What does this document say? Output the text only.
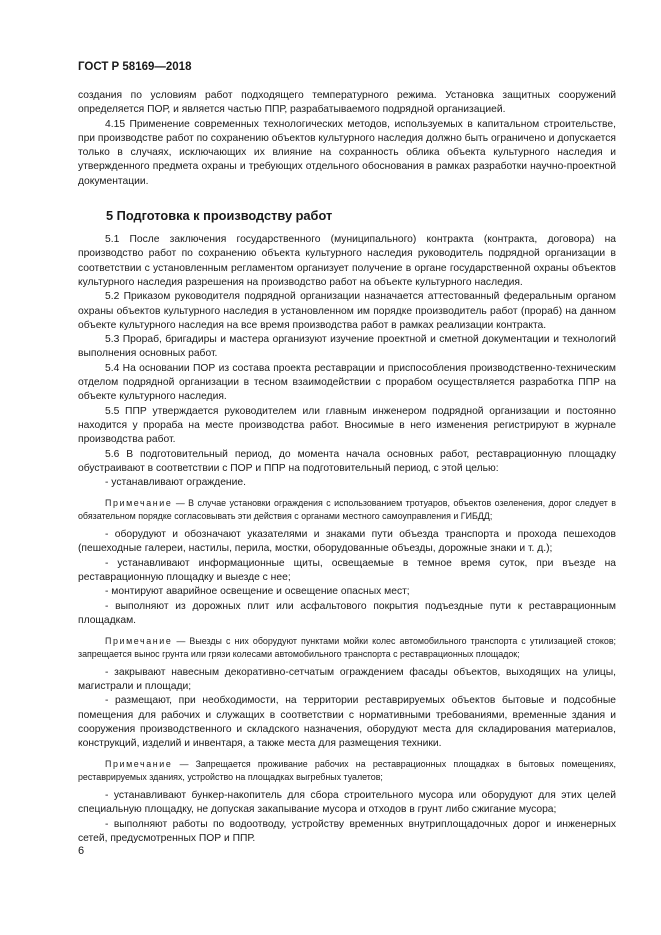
ГОСТ Р 58169—2018

создания по условиям работ подходящего температурного режима. Установка защитных сооружений определяется ПОР, и является частью ППР, разрабатываемого подрядной организацией.

4.15 Применение современных технологических методов, используемых в капитальном строительстве, при производстве работ по сохранению объектов культурного наследия должно быть ограничено и допускается только в случаях, исключающих их влияние на сохранность облика объекта культурного наследия и утвержденного предмета охраны и требующих отдельного обоснования в рамках разработки научно-проектной документации.

5 Подготовка к производству работ

5.1 После заключения государственного (муниципального) контракта (контракта, договора) на производство работ по сохранению объекта культурного наследия руководитель подрядной организации в соответствии с установленным регламентом организует получение в органе государственной охраны объектов культурного наследия разрешения на производство работ на объекте культурного наследия.

5.2 Приказом руководителя подрядной организации назначается аттестованный федеральным органом охраны объектов культурного наследия в установленном им порядке производитель работ (прораб) на данном объекте культурного наследия на все время производства работ в рамках реализации контракта.

5.3 Прораб, бригадиры и мастера организуют изучение проектной и сметной документации и технологий выполнения основных работ.

5.4 На основании ПОР из состава проекта реставрации и приспособления производственно-техническим отделом подрядной организации в тесном взаимодействии с прорабом осуществляется разработка ППР на объекте культурного наследия.

5.5 ППР утверждается руководителем или главным инженером подрядной организации и постоянно находится у прораба на месте производства работ. Вносимые в него изменения регистрируют в журнале производства работ.

5.6 В подготовительный период, до момента начала основных работ, реставрационную площадку обустраивают в соответствии с ПОР и ППР на подготовительный период, с этой целью:

- устанавливают ограждение.

Примечание — В случае установки ограждения с использованием тротуаров, объектов озеленения, дорог следует в обязательном порядке согласовывать эти действия с органами местного самоуправления и ГИБДД;

- оборудуют и обозначают указателями и знаками пути объезда транспорта и прохода пешеходов (пешеходные галереи, настилы, перила, мостки, оборудованные объезды, дорожные знаки и т. д.);

- устанавливают информационные щиты, освещаемые в темное время суток, при въезде на реставрационную площадку и выезде с нее;

- монтируют аварийное освещение и освещение опасных мест;

- выполняют из дорожных плит или асфальтового покрытия подъездные пути к реставрационным площадкам.

Примечание — Выезды с них оборудуют пунктами мойки колес автомобильного транспорта с утилизацией стоков; запрещается вынос грунта или грязи колесами автомобильного транспорта с реставрационных площадок;

- закрывают навесным декоративно-сетчатым ограждением фасады объектов, выходящих на улицы, магистрали и площади;

- размещают, при необходимости, на территории реставрируемых объектов бытовые и подсобные помещения для рабочих и служащих в соответствии с нормативными требованиями, временные здания и сооружения производственного и складского назначения, оборудуют места для складирования материалов, конструкций, изделий и инвентаря, а также места для размещения техники.

Примечание — Запрещается проживание рабочих на реставрационных площадках в бытовых помещениях, реставрируемых зданиях, устройство на площадках выгребных туалетов;

- устанавливают бункер-накопитель для сбора строительного мусора или оборудуют для этих целей специальную площадку, не допуская закапывание мусора и отходов в грунт либо сжигание мусора;

- выполняют работы по водоотводу, устройству временных внутриплощадочных дорог и инженерных сетей, предусмотренных ПОР и ППР.

6
